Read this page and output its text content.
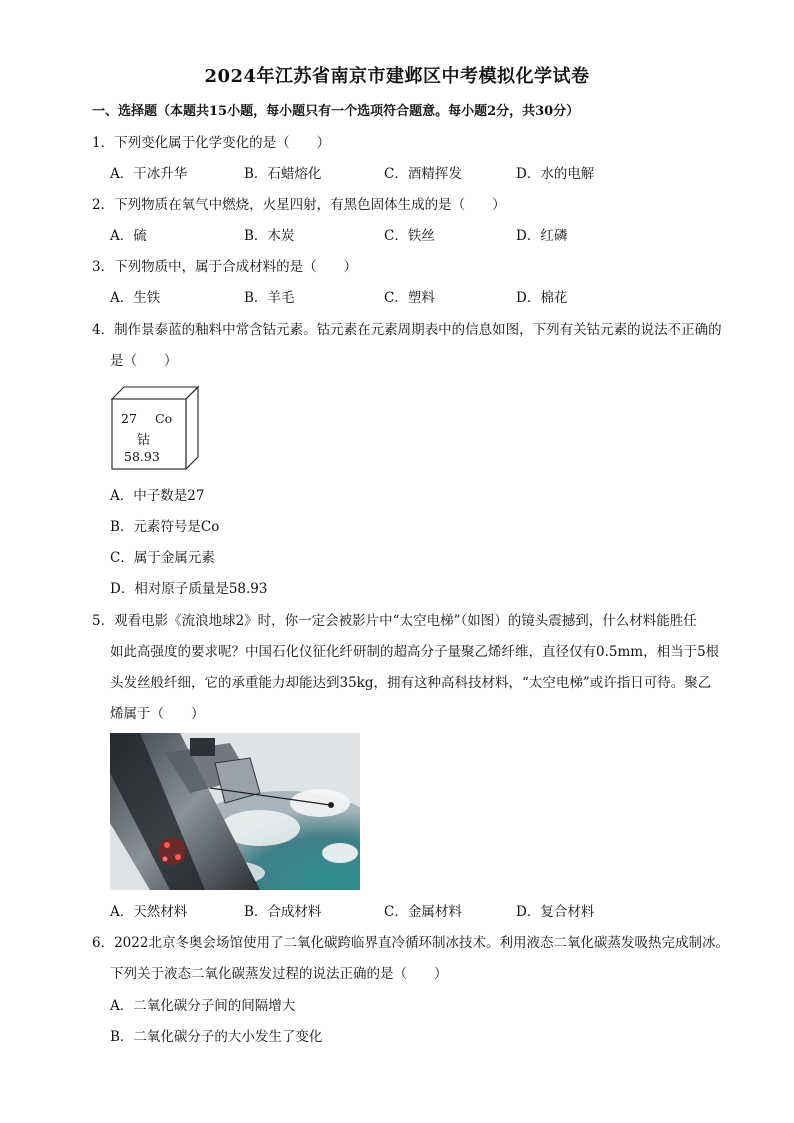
2024年江苏省南京市建邺区中考模拟化学试卷
一、选择题（本题共15小题，每小题只有一个选项符合题意。每小题2分，共30分）
1．下列变化属于化学变化的是（　　）
A．干冰升华	B．石蜡熔化	C．酒精挥发	D．水的电解
2．下列物质在氧气中燃烧，火星四射，有黑色固体生成的是（　　）
A．硫	B．木炭	C．铁丝	D．红磷
3．下列物质中，属于合成材料的是（　　）
A．生铁	B．羊毛	C．塑料	D．棉花
4．制作景泰蓝的釉料中常含钴元素。钴元素在元素周期表中的信息如图，下列有关钴元素的说法不正确的
是（　　）
27 Co
钴
58.93
A．中子数是27
B．元素符号是Co
C．属于金属元素
D．相对原子质量是58.93
5．观看电影《流浪地球2》时，你一定会被影片中“太空电梯”（如图）的镜头震撼到，什么材料能胜任
如此高强度的要求呢？中国石化仪征化纤研制的超高分子量聚乙烯纤维，直径仅有0.5mm，相当于5根
头发丝般纤细，它的承重能力却能达到35kg，拥有这种高科技材料，“太空电梯”或许指日可待。聚乙
烯属于（　　）
A．天然材料	B．合成材料	C．金属材料	D．复合材料
6．2022北京冬奥会场馆使用了二氧化碳跨临界直冷循环制冰技术。利用液态二氧化碳蒸发吸热完成制冰。
下列关于液态二氧化碳蒸发过程的说法正确的是（　　）
A．二氧化碳分子间的间隔增大
B．二氧化碳分子的大小发生了变化
